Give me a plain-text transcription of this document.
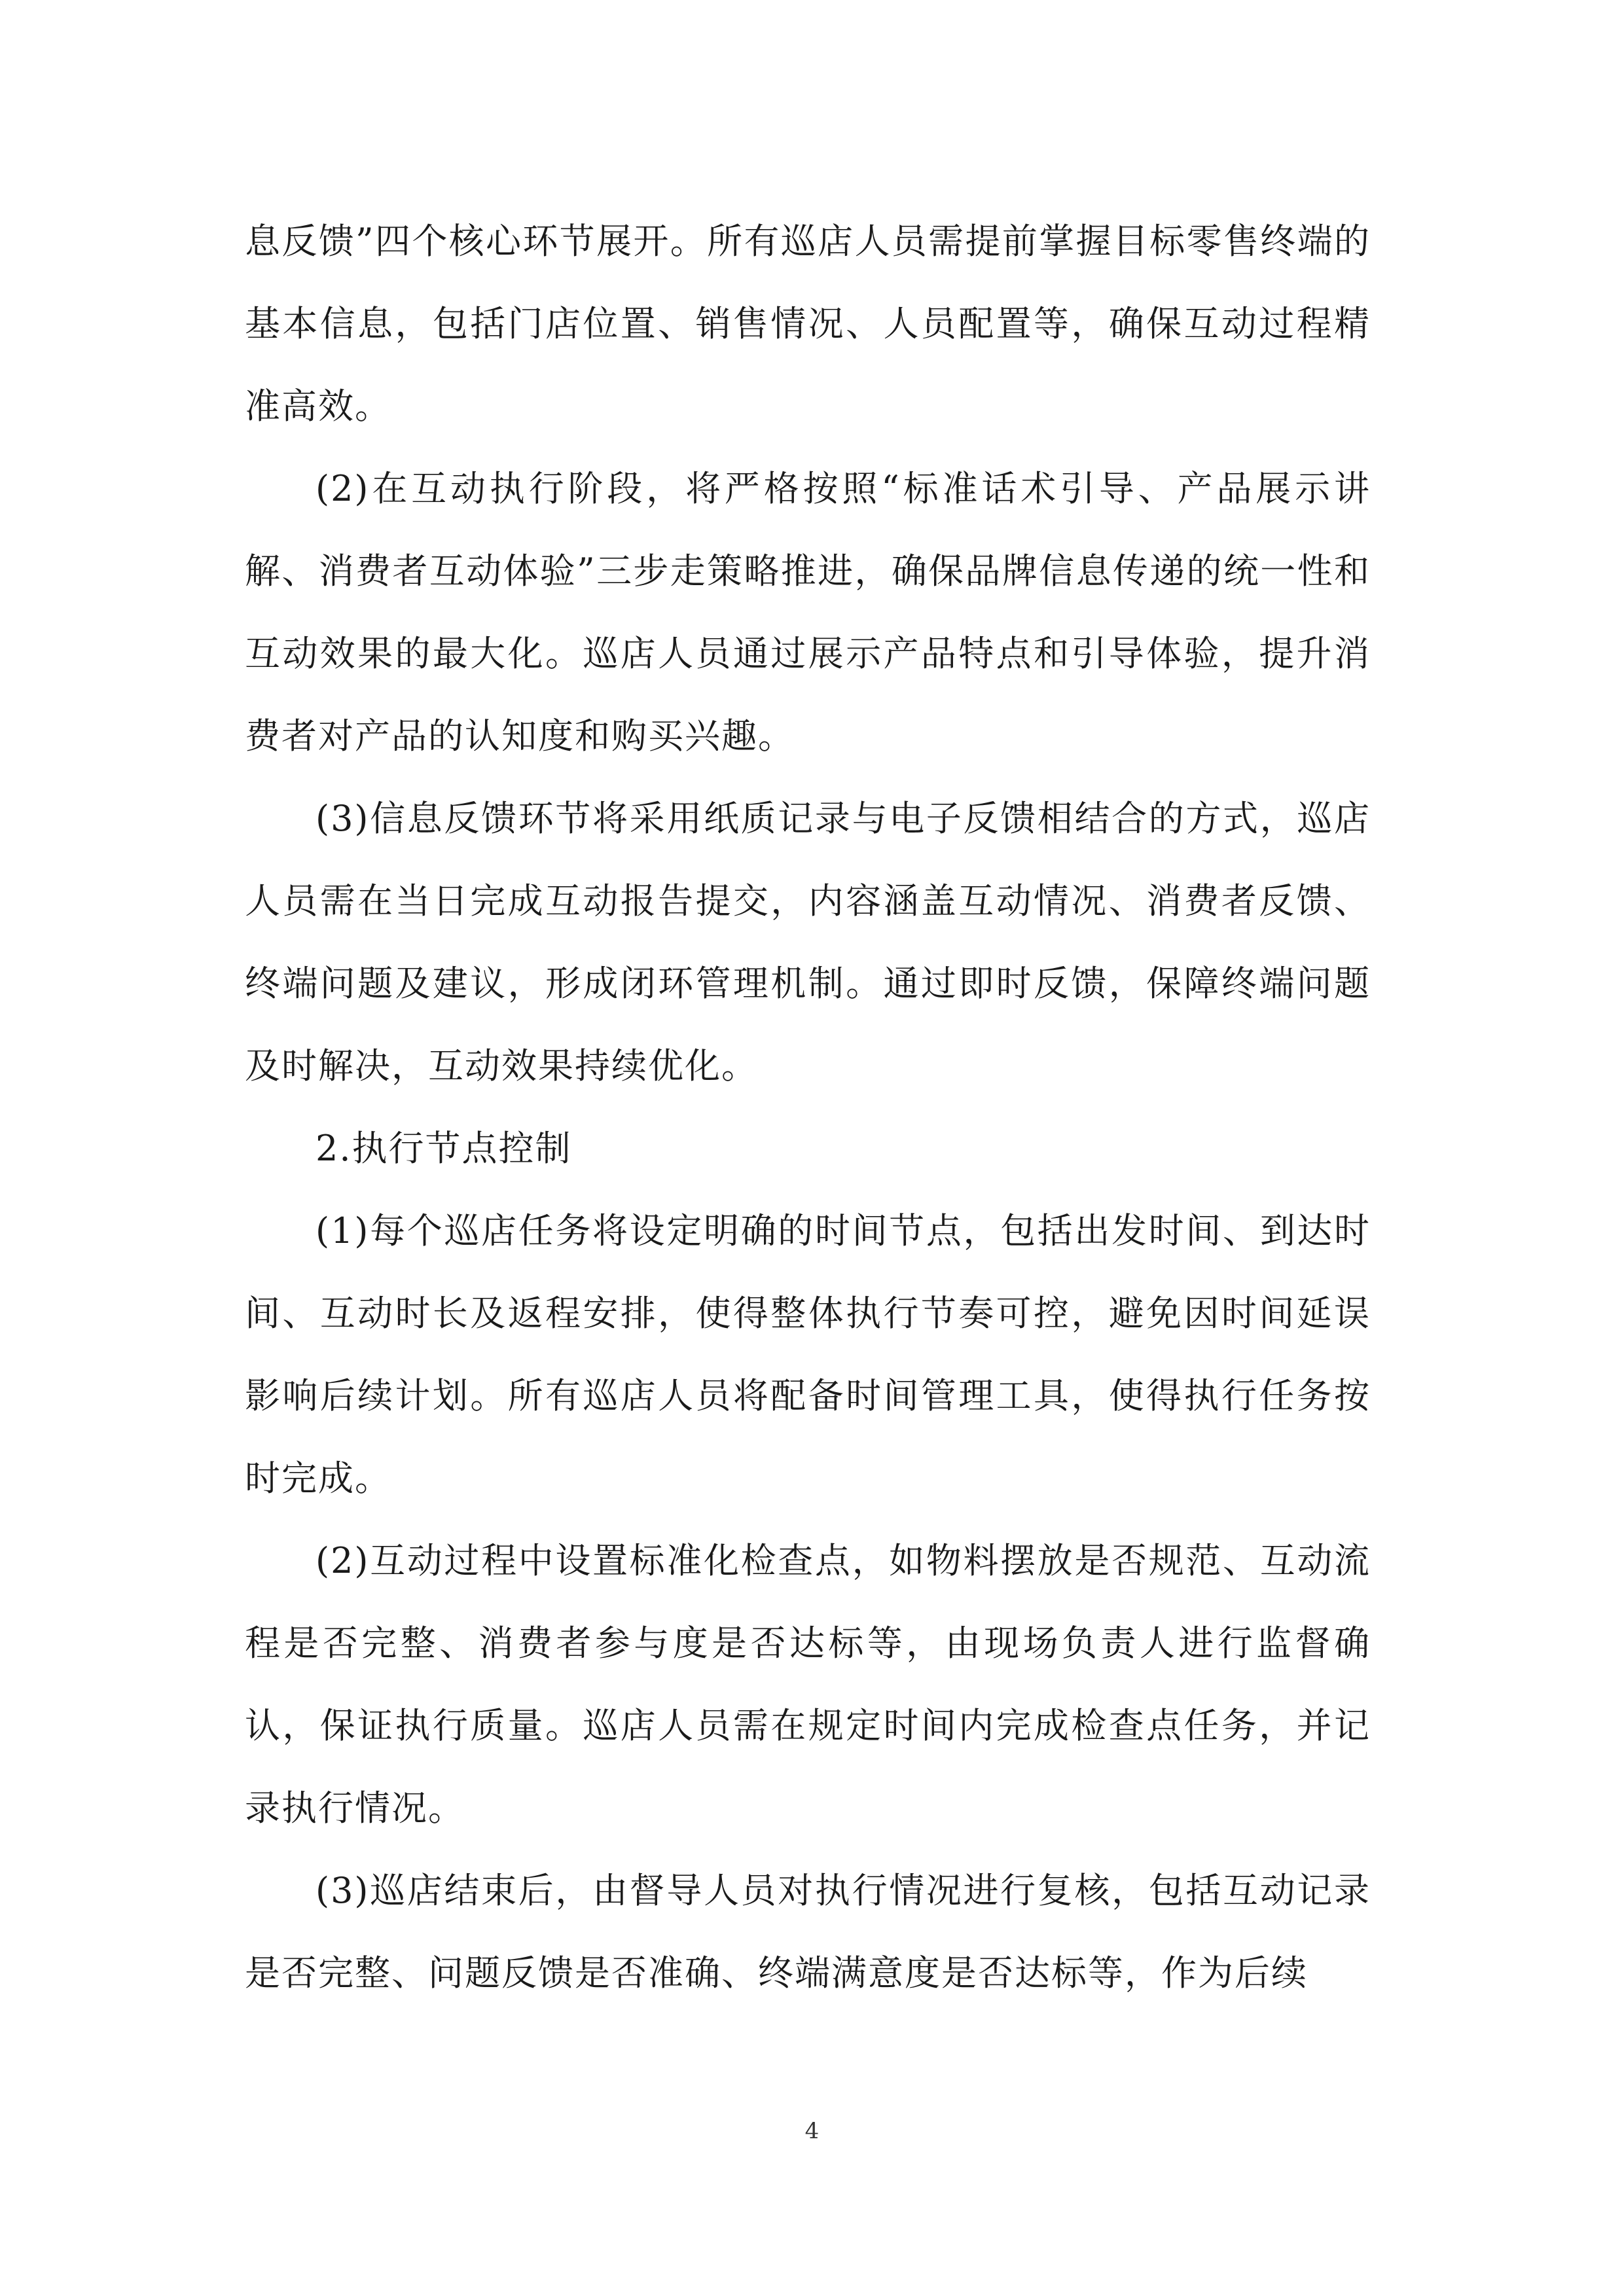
息反馈”四个核心环节展开。所有巡店人员需提前掌握目标零售终端的基本信息，包括门店位置、销售情况、人员配置等，确保互动过程精准高效。

(2)在互动执行阶段，将严格按照“标准话术引导、产品展示讲解、消费者互动体验”三步走策略推进，确保品牌信息传递的统一性和互动效果的最大化。巡店人员通过展示产品特点和引导体验，提升消费者对产品的认知度和购买兴趣。

(3)信息反馈环节将采用纸质记录与电子反馈相结合的方式，巡店人员需在当日完成互动报告提交，内容涵盖互动情况、消费者反馈、终端问题及建议，形成闭环管理机制。通过即时反馈，保障终端问题及时解决，互动效果持续优化。

2.执行节点控制

(1)每个巡店任务将设定明确的时间节点，包括出发时间、到达时间、互动时长及返程安排，使得整体执行节奏可控，避免因时间延误影响后续计划。所有巡店人员将配备时间管理工具，使得执行任务按时完成。

(2)互动过程中设置标准化检查点，如物料摆放是否规范、互动流程是否完整、消费者参与度是否达标等，由现场负责人进行监督确认，保证执行质量。巡店人员需在规定时间内完成检查点任务，并记录执行情况。

(3)巡店结束后，由督导人员对执行情况进行复核，包括互动记录是否完整、问题反馈是否准确、终端满意度是否达标等，作为后续

4
